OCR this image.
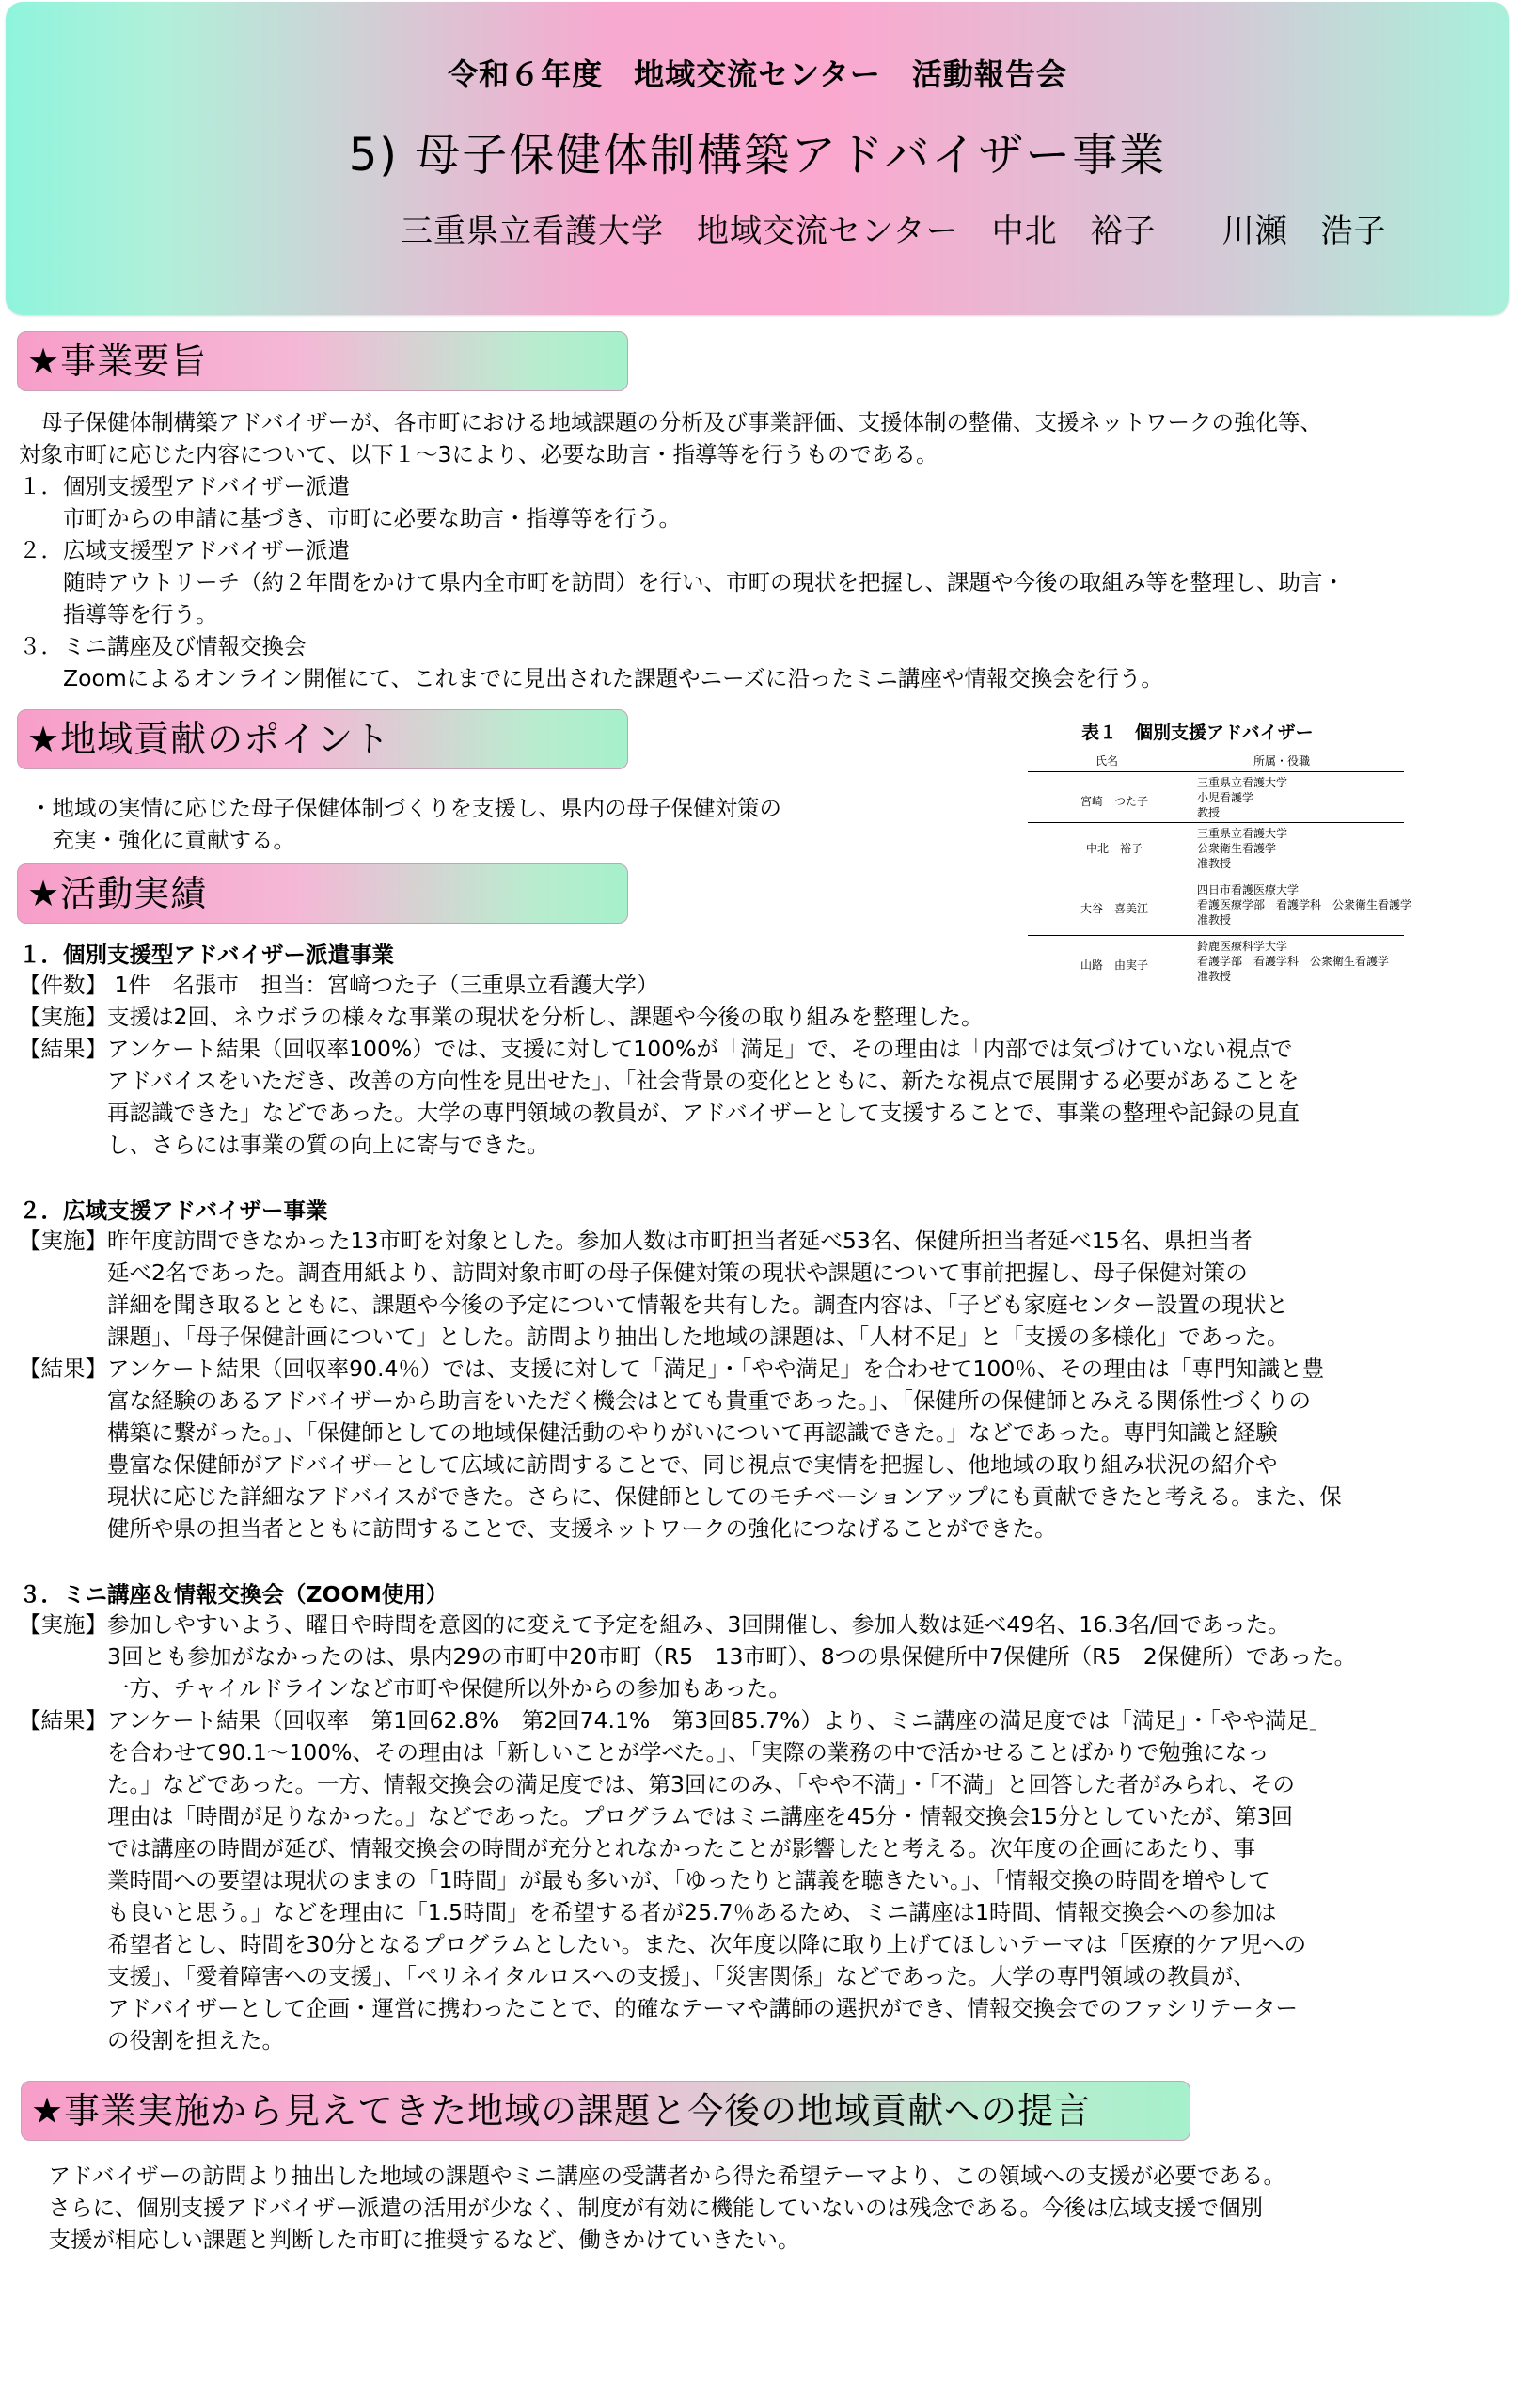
令和６年度　地域交流センター　活動報告会
5) 母子保健体制構築アドバイザー事業
三重県立看護大学　地域交流センター　中北　裕子　　川瀬　浩子
★事業要旨
　母子保健体制構築アドバイザーが、各市町における地域課題の分析及び事業評価、支援体制の整備、支援ネットワークの強化等、
対象市町に応じた内容について、以下１～3により、必要な助言・指導等を行うものである。
１．個別支援型アドバイザー派遣
　　市町からの申請に基づき、市町に必要な助言・指導等を行う。
２．広域支援型アドバイザー派遣
　　随時アウトリーチ（約２年間をかけて県内全市町を訪問）を行い、市町の現状を把握し、課題や今後の取組み等を整理し、助言・
　　指導等を行う。
３．ミニ講座及び情報交換会
　　Zoomによるオンライン開催にて、これまでに見出された課題やニーズに沿ったミニ講座や情報交換会を行う。
★地域貢献のポイント
・地域の実情に応じた母子保健体制づくりを支援し、県内の母子保健対策の
　充実・強化に貢献する。
表１　個別支援アドバイザー
氏名	所属・役職
宮崎　つた子
三重県立看護大学
小児看護学
教授
中北　裕子
三重県立看護大学
公衆衛生看護学
准教授
大谷　喜美江
四日市看護医療大学
看護医療学部　看護学科　公衆衛生看護学
准教授
山路　由実子
鈴鹿医療科学大学
看護学部　看護学科　公衆衛生看護学
准教授
★活動実績
１．個別支援型アドバイザー派遣事業
【件数】 1件　名張市　担当：宮﨑つた子（三重県立看護大学）
【実施】支援は2回、ネウボラの様々な事業の現状を分析し、課題や今後の取り組みを整理した。
【結果】アンケート結果（回収率100%）では、支援に対して100%が「満足」で、その理由は「内部では気づけていない視点で
　　　　アドバイスをいただき、改善の方向性を見出せた」、「社会背景の変化とともに、新たな視点で展開する必要があることを
　　　　再認識できた」などであった。大学の専門領域の教員が、アドバイザーとして支援することで、事業の整理や記録の見直
　　　　し、さらには事業の質の向上に寄与できた。
２．広域支援アドバイザー事業
【実施】昨年度訪問できなかった13市町を対象とした。参加人数は市町担当者延べ53名、保健所担当者延べ15名、県担当者
　　　　延べ2名であった。調査用紙より、訪問対象市町の母子保健対策の現状や課題について事前把握し、母子保健対策の
　　　　詳細を聞き取るとともに、課題や今後の予定について情報を共有した。調査内容は、「子ども家庭センター設置の現状と
　　　　課題」、「母子保健計画について」とした。訪問より抽出した地域の課題は、「人材不足」と「支援の多様化」であった。
【結果】アンケート結果（回収率90.4％）では、支援に対して「満足」・「やや満足」を合わせて100％、その理由は「専門知識と豊
　　　　富な経験のあるアドバイザーから助言をいただく機会はとても貴重であった。」、「保健所の保健師とみえる関係性づくりの
　　　　構築に繋がった。」、「保健師としての地域保健活動のやりがいについて再認識できた。」などであった。専門知識と経験
　　　　豊富な保健師がアドバイザーとして広域に訪問することで、同じ視点で実情を把握し、他地域の取り組み状況の紹介や
　　　　現状に応じた詳細なアドバイスができた。さらに、保健師としてのモチベーションアップにも貢献できたと考える。また、保
　　　　健所や県の担当者とともに訪問することで、支援ネットワークの強化につなげることができた。
３．ミニ講座＆情報交換会（ZOOM使用）
【実施】参加しやすいよう、曜日や時間を意図的に変えて予定を組み、3回開催し、参加人数は延べ49名、16.3名/回であった。
　　　　3回とも参加がなかったのは、県内29の市町中20市町（R5　13市町）、8つの県保健所中7保健所（R5　2保健所）であった。
　　　　一方、チャイルドラインなど市町や保健所以外からの参加もあった。
【結果】アンケート結果（回収率　第1回62.8%　第2回74.1%　第3回85.7%）より、ミニ講座の満足度では「満足」・「やや満足」
　　　　を合わせて90.1～100%、その理由は「新しいことが学べた。」、「実際の業務の中で活かせることばかりで勉強になっ
　　　　た。」などであった。一方、情報交換会の満足度では、第3回にのみ、「やや不満」・「不満」と回答した者がみられ、その
　　　　理由は「時間が足りなかった。」などであった。プログラムではミニ講座を45分・情報交換会15分としていたが、第3回
　　　　では講座の時間が延び、情報交換会の時間が充分とれなかったことが影響したと考える。次年度の企画にあたり、事
　　　　業時間への要望は現状のままの「1時間」が最も多いが、「ゆったりと講義を聴きたい。」、「情報交換の時間を増やして
　　　　も良いと思う。」などを理由に「1.5時間」を希望する者が25.7％あるため、ミニ講座は1時間、情報交換会への参加は
　　　　希望者とし、時間を30分となるプログラムとしたい。また、次年度以降に取り上げてほしいテーマは「医療的ケア児への
　　　　支援」、「愛着障害への支援」、「ペリネイタルロスへの支援」、「災害関係」などであった。大学の専門領域の教員が、
　　　　アドバイザーとして企画・運営に携わったことで、的確なテーマや講師の選択ができ、情報交換会でのファシリテーター
　　　　の役割を担えた。
★事業実施から見えてきた地域の課題と今後の地域貢献への提言
　アドバイザーの訪問より抽出した地域の課題やミニ講座の受講者から得た希望テーマより、この領域への支援が必要である。
　さらに、個別支援アドバイザー派遣の活用が少なく、制度が有効に機能していないのは残念である。今後は広域支援で個別
　支援が相応しい課題と判断した市町に推奨するなど、働きかけていきたい。
